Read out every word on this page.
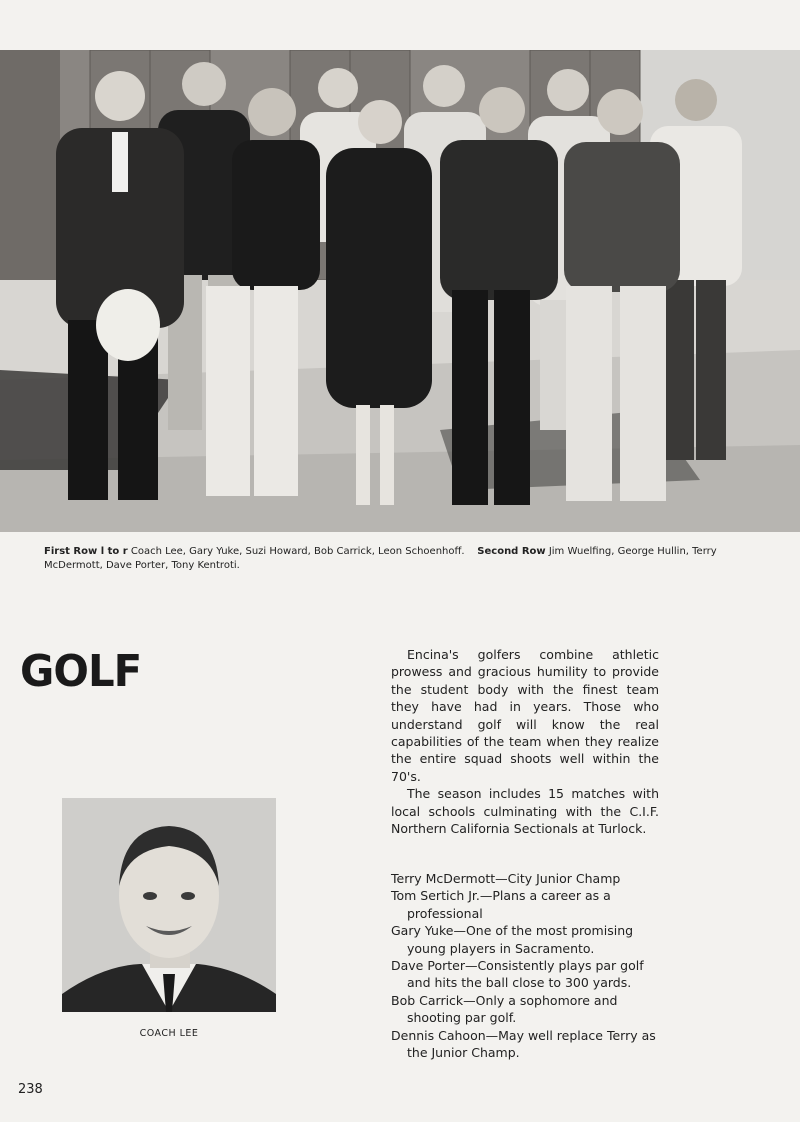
First Row l to r Coach Lee, Gary Yuke, Suzi Howard, Bob Carrick, Leon Schoenhoff. Second Row Jim Wuelfing, George Hullin, Terry McDermott, Dave Porter, Tony Kentroti.
GOLF	Encina's golfers combine athletic prowess and gracious humility to provide the student body with the finest team they have had in years. Those who understand golf will know the real capabilities of the team when they realize the entire squad shoots well within the 70's.

The season includes 15 matches with local schools culminating with the C.I.F. Northern California Sectionals at Turlock.

Terry McDermott—City Junior Champ

Tom Sertich Jr.—Plans a career as a professional

Gary Yuke—One of the most promising young players in Sacramento.

Dave Porter—Consistently plays par golf and hits the ball close to 300 yards.

Bob Carrick—Only a sophomore and shooting par golf.

Dennis Cahoon—May well replace Terry as the Junior Champ.

COACH LEE
238
